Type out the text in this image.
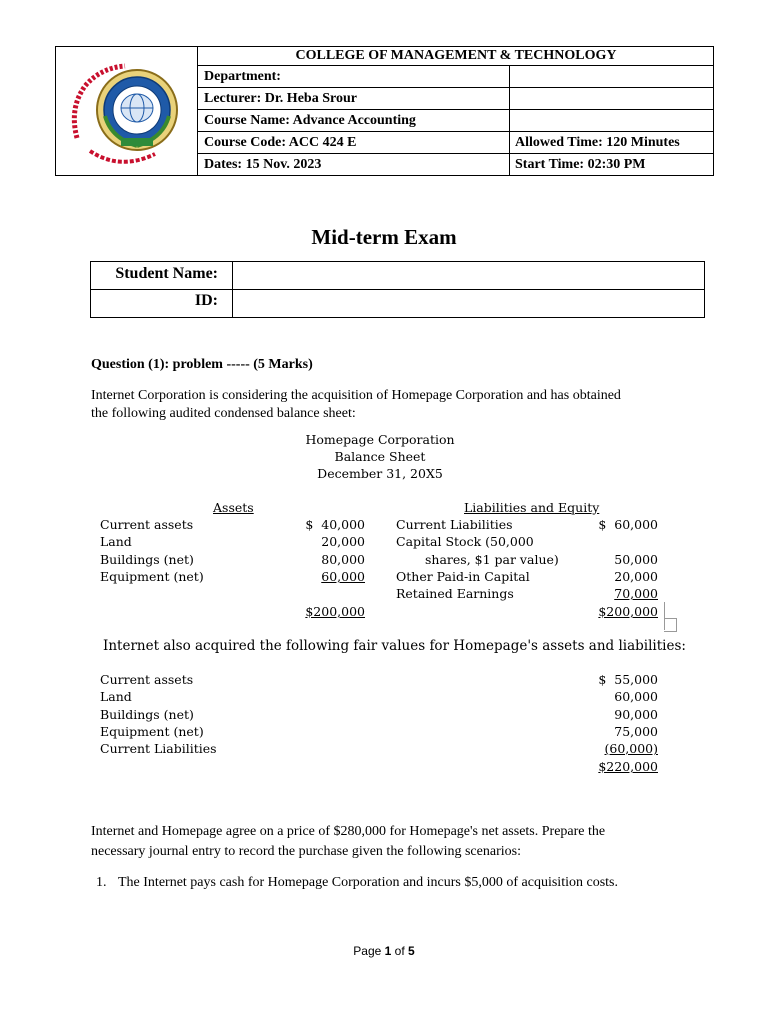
COLLEGE OF MANAGEMENT & TECHNOLOGY
Department:
Lecturer: Dr. Heba Srour
Course Name: Advance Accounting
Course Code: ACC 424 E
Dates: 15 Nov. 2023
Allowed Time: 120 Minutes
Start Time: 02:30 PM
Mid-term Exam
Student Name:
ID:
Question (1): problem ----- (5 Marks)
Internet Corporation is considering the acquisition of Homepage Corporation and has obtained
the following audited condensed balance sheet:
Homepage Corporation
Balance Sheet
December 31, 20X5
Assets	Liabilities and Equity
Current assets
Land
Buildings (net)
Equipment (net)
$  40,000
20,000
80,000
60,000
$200,000
Current Liabilities
Capital Stock (50,000
shares, $1 par value)
Other Paid-in Capital
Retained Earnings
$  60,000
50,000
20,000
70,000
$200,000
Internet also acquired the following fair values for Homepage's assets and liabilities:
Current assets
Land
Buildings (net)
Equipment (net)
Current Liabilities
$  55,000
60,000
90,000
75,000
(60,000)
$220,000
Internet and Homepage agree on a price of $280,000 for Homepage's net assets. Prepare the
necessary journal entry to record the purchase given the following scenarios:
1. The Internet pays cash for Homepage Corporation and incurs $5,000 of acquisition costs.
Page 1 of 5
